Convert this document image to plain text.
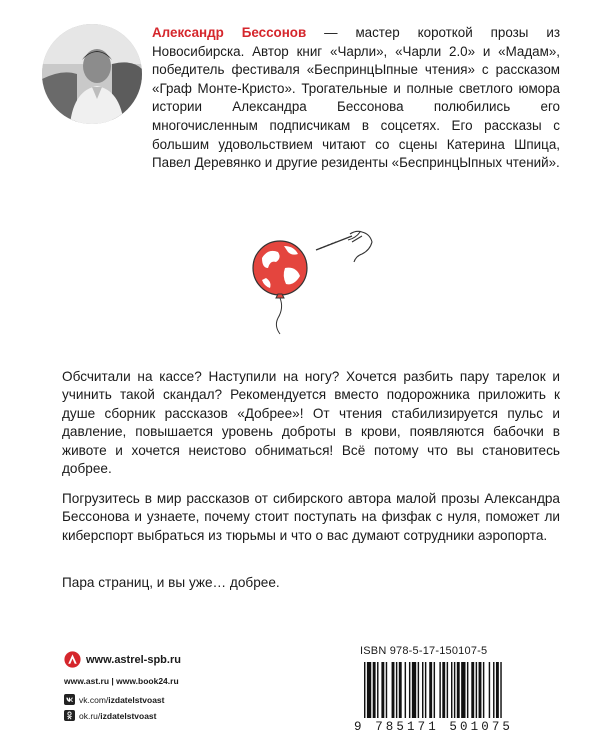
Александр Бессонов — мастер короткой прозы из Новосибирска. Автор книг «Чарли», «Чарли 2.0» и «Мадам», победитель фестиваля «БеспринцЫпные чтения» с рассказом «Граф Монте-Кристо». Трогательные и полные светлого юмора истории Александра Бессонова полюбились его многочисленным подписчикам в соцсетях. Его рассказы с большим удовольствием читают со сцены Катерина Шпица, Павел Деревянко и другие резиденты «БеспринцЫпных чтений».
Обсчитали на кассе? Наступили на ногу? Хочется разбить пару тарелок и учинить такой скандал? Рекомендуется вместо подорожника приложить к душе сборник рассказов «Добрее»! От чтения стабилизируется пульс и давление, повышается уровень доброты в крови, появляются бабочки в животе и хочется неистово обниматься! Всё потому что вы становитесь добрее.
Погрузитесь в мир рассказов от сибирского автора малой прозы Александра Бессонова и узнаете, почему стоит поступать на физфак с нуля, поможет ли киберспорт выбраться из тюрьмы и что о вас думают сотрудники аэропорта.
Пара страниц, и вы уже… добрее.
www.astrel-spb.ru
www.ast.ru | www.book24.ru
vk.com/ izdatelstvoast
ok.ru/ izdatelstvoast
ISBN 978-5-17-150107-5
9 785171 501075
